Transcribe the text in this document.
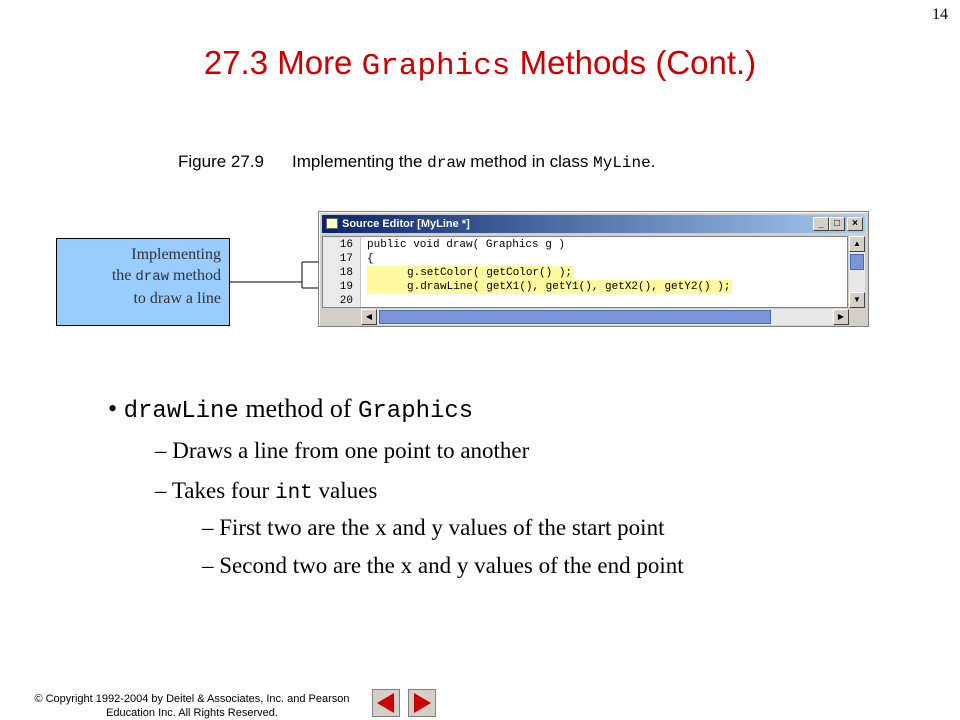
14
27.3 More Graphics Methods (Cont.)
Figure 27.9 Implementing the draw method in class MyLine.
Implementing
the draw method
to draw a line
Source Editor [MyLine *]	_	□	×
16 public void draw( Graphics g )
17 {
18	g.setColor( getColor() );
19	g.drawLine( getX1(), getY1(), getX2(), getY2() );
20
▲
▼
◀	▶
• drawLine method of Graphics
– Draws a line from one point to another
– Takes four int values
– First two are the x and y values of the start point
– Second two are the x and y values of the end point
© Copyright 1992-2004 by Deitel & Associates, Inc. and Pearson
Education Inc. All Rights Reserved.
